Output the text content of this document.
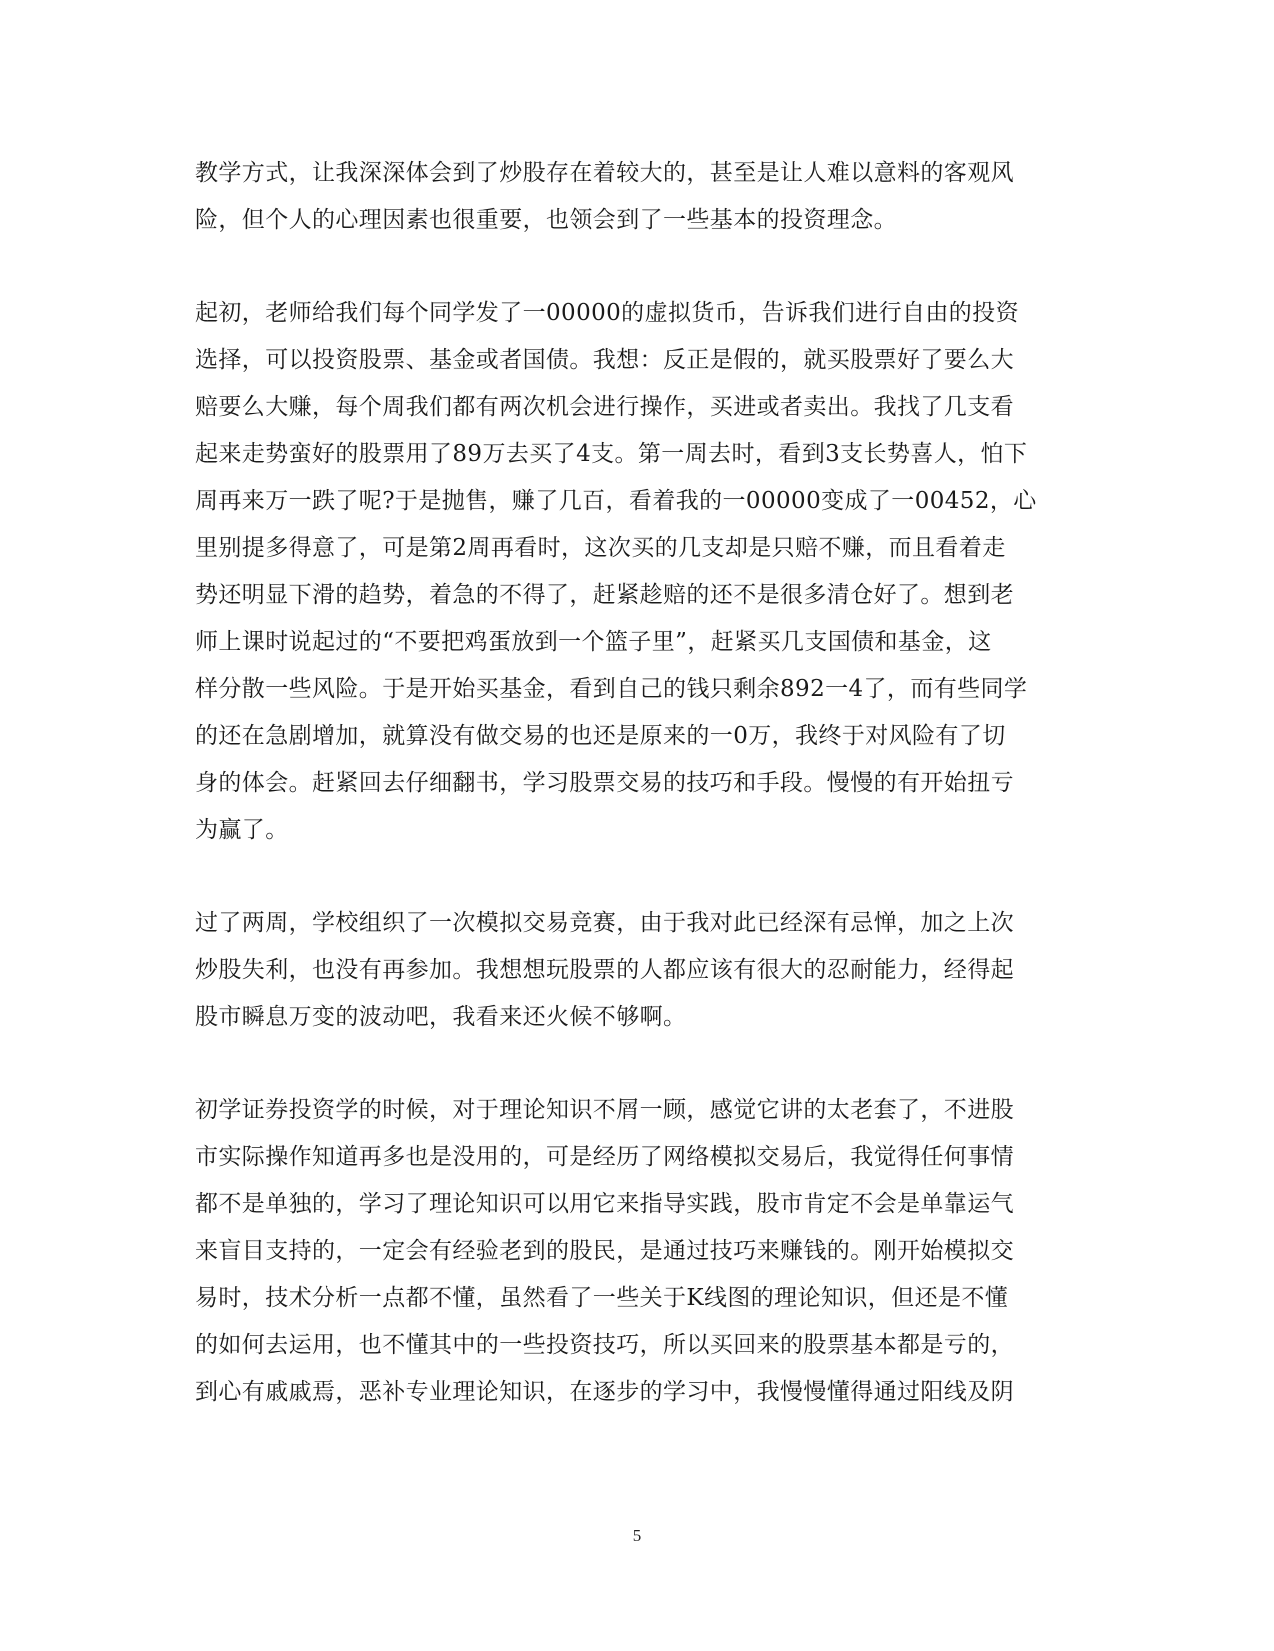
教学方式，让我深深体会到了炒股存在着较大的，甚至是让人难以意料的客观风
险，但个人的心理因素也很重要，也领会到了一些基本的投资理念。
起初，老师给我们每个同学发了一00000的虚拟货币，告诉我们进行自由的投资
选择，可以投资股票、基金或者国债。我想：反正是假的，就买股票好了要么大
赔要么大赚，每个周我们都有两次机会进行操作，买进或者卖出。我找了几支看
起来走势蛮好的股票用了89万去买了4支。第一周去时，看到3支长势喜人，怕下
周再来万一跌了呢?于是抛售，赚了几百，看着我的一00000变成了一00452，心
里别提多得意了，可是第2周再看时，这次买的几支却是只赔不赚，而且看着走
势还明显下滑的趋势，着急的不得了，赶紧趁赔的还不是很多清仓好了。想到老
师上课时说起过的“不要把鸡蛋放到一个篮子里”，赶紧买几支国债和基金，这
样分散一些风险。于是开始买基金，看到自己的钱只剩余892一4了，而有些同学
的还在急剧增加，就算没有做交易的也还是原来的一0万，我终于对风险有了切
身的体会。赶紧回去仔细翻书，学习股票交易的技巧和手段。慢慢的有开始扭亏
为赢了。
过了两周，学校组织了一次模拟交易竞赛，由于我对此已经深有忌惮，加之上次
炒股失利，也没有再参加。我想想玩股票的人都应该有很大的忍耐能力，经得起
股市瞬息万变的波动吧，我看来还火候不够啊。
初学证券投资学的时候，对于理论知识不屑一顾，感觉它讲的太老套了，不进股
市实际操作知道再多也是没用的，可是经历了网络模拟交易后，我觉得任何事情
都不是单独的，学习了理论知识可以用它来指导实践，股市肯定不会是单靠运气
来盲目支持的，一定会有经验老到的股民，是通过技巧来赚钱的。刚开始模拟交
易时，技术分析一点都不懂，虽然看了一些关于K线图的理论知识，但还是不懂
的如何去运用，也不懂其中的一些投资技巧，所以买回来的股票基本都是亏的，
到心有戚戚焉，恶补专业理论知识，在逐步的学习中，我慢慢懂得通过阳线及阴
5
